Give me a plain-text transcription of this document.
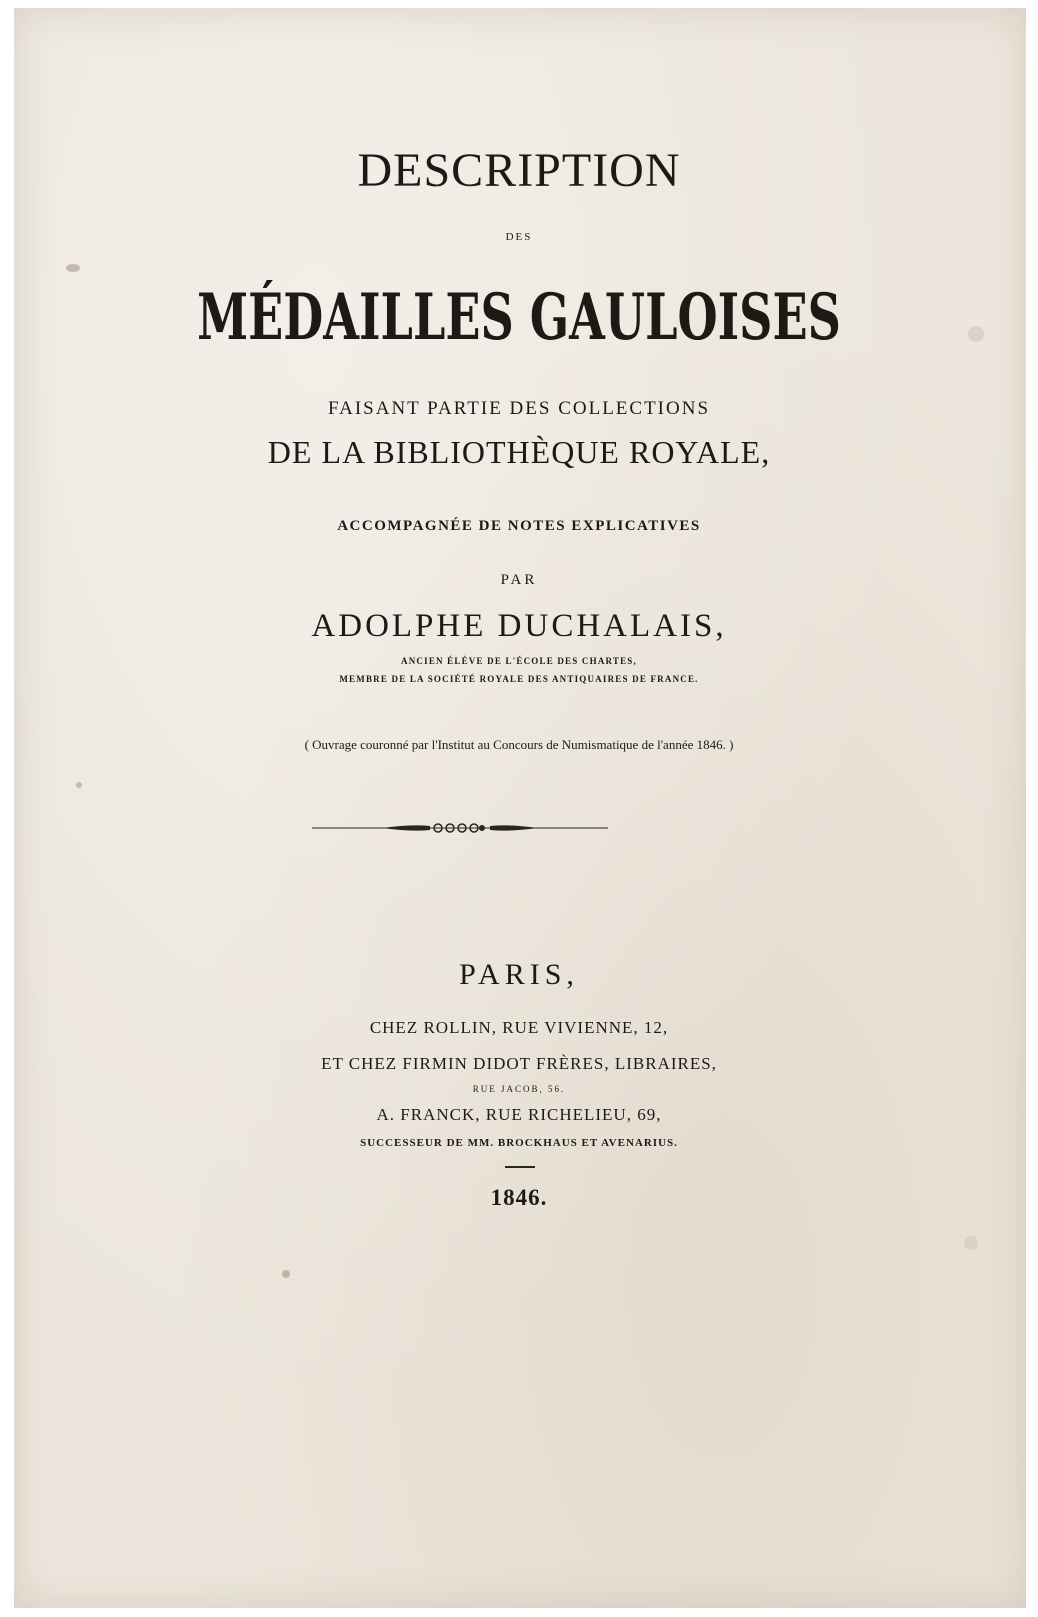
DESCRIPTION
DES
MÉDAILLES GAULOISES
FAISANT PARTIE DES COLLECTIONS
DE LA BIBLIOTHÈQUE ROYALE,
ACCOMPAGNÉE DE NOTES EXPLICATIVES
PAR
ADOLPHE DUCHALAIS,
ANCIEN ÉLÈVE DE L'ÉCOLE DES CHARTES,
MEMBRE DE LA SOCIÉTÉ ROYALE DES ANTIQUAIRES DE FRANCE.
( Ouvrage couronné par l'Institut au Concours de Numismatique de l'année 1846. )
PARIS,
CHEZ ROLLIN, RUE VIVIENNE, 12,
ET CHEZ FIRMIN DIDOT FRÈRES, LIBRAIRES,
RUE JACOB, 56.
A. FRANCK, RUE RICHELIEU, 69,
SUCCESSEUR DE MM. BROCKHAUS ET AVENARIUS.
1846.
